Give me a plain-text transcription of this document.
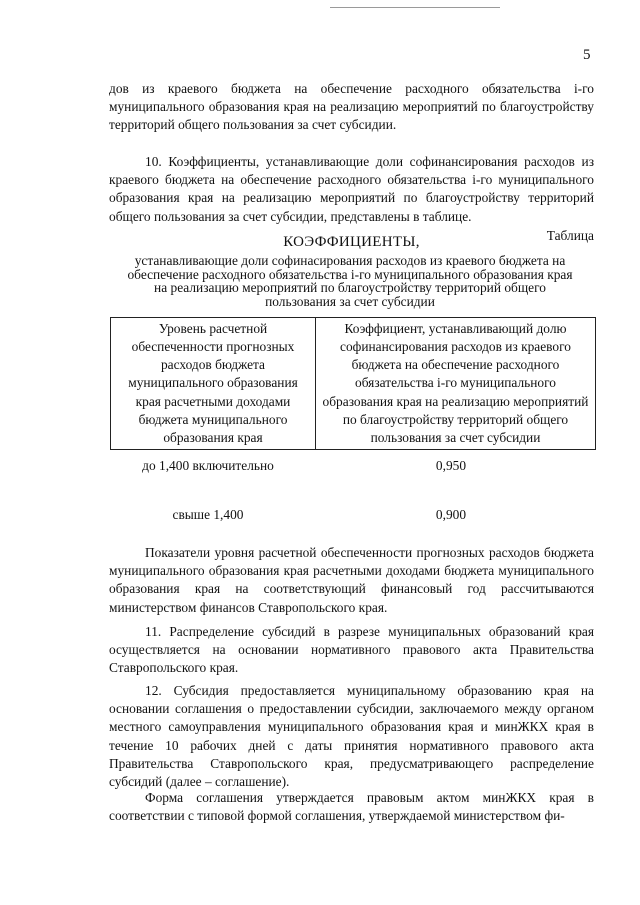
5

дов из краевого бюджета на обеспечение расходного обязательства i-го муниципального образования края на реализацию мероприятий по благоустройству территорий общего пользования за счет субсидии.

10. Коэффициенты, устанавливающие доли софинансирования расходов из краевого бюджета на обеспечение расходного обязательства i-го муниципального образования края на реализацию мероприятий по благоустройству территорий общего пользования за счет субсидии, представлены в таблице.

Таблица
КОЭФФИЦИЕНТЫ,
устанавливающие доли софинасирования расходов из краевого бюджета на обеспечение расходного обязательства i-го муниципального образования края на реализацию мероприятий по благоустройству территорий общего пользования за счет субсидии
Уровень расчетной обеспеченности прогнозных расходов бюджета муниципального образования края расчетными доходами бюджета муниципального образования края
Коэффициент, устанавливающий долю софинансирования расходов из краевого бюджета на обеспечение расходного обязательства i-го муниципального образования края на реализацию мероприятий по благоустройству территорий общего пользования за счет субсидии
до 1,400 включительно	0,950
свыше 1,400	0,900

Показатели уровня расчетной обеспеченности прогнозных расходов бюджета муниципального образования края расчетными доходами бюджета муниципального образования края на соответствующий финансовый год рассчитываются министерством финансов Ставропольского края.

11. Распределение субсидий в разрезе муниципальных образований края осуществляется на основании нормативного правового акта Правительства Ставропольского края.

12. Субсидия предоставляется муниципальному образованию края на основании соглашения о предоставлении субсидии, заключаемого между органом местного самоуправления муниципального образования края и минЖКХ края в течение 10 рабочих дней с даты принятия нормативного правового акта Правительства Ставропольского края, предусматривающего распределение субсидий (далее – соглашение).

Форма соглашения утверждается правовым актом минЖКХ края в соответствии с типовой формой соглашения, утверждаемой министерством фи-
